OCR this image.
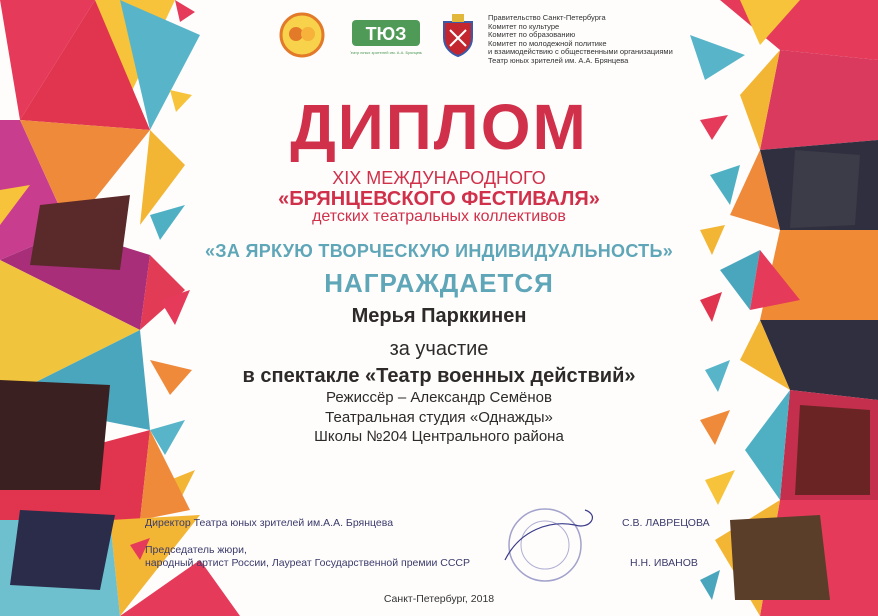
ТЮЗ
Театр юных зрителей им. А.А. Брянцева
Правительство Санкт-Петербурга
Комитет по культуре
Комитет по образованию
Комитет по молодежной политике
и взаимодействию с общественными организациями
Театр юных зрителей им. А.А. Брянцева
ДИПЛОМ
XIX МЕЖДУНАРОДНОГО
«БРЯНЦЕВСКОГО ФЕСТИВАЛЯ»
детских театральных коллективов
«ЗА ЯРКУЮ ТВОРЧЕСКУЮ ИНДИВИДУАЛЬНОСТЬ»
НАГРАЖДАЕТСЯ
Мерья Парккинен
за участие
в спектакле «Театр военных действий»
Режиссёр – Александр Семёнов
Театральная студия «Однажды»
Школы №204 Центрального района
Директор Театра юных зрителей им.А.А. Брянцева	С.В. ЛАВРЕЦОВА
Председатель жюри,
народный артист России, Лауреат Государственной премии СССР	Н.Н. ИВАНОВ
Санкт-Петербург, 2018
